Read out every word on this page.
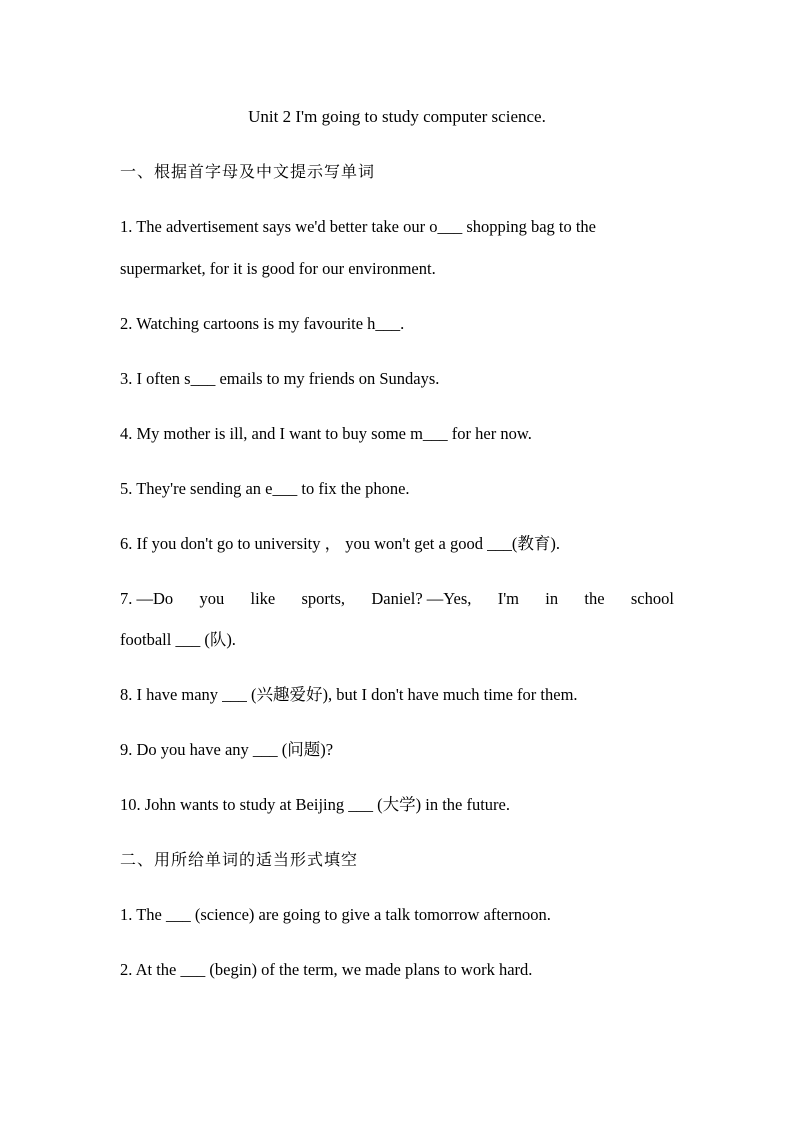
Unit 2 I'm going to study computer science.
一、根据首字母及中文提示写单词
1. The advertisement says we'd better take our o___ shopping bag to the
supermarket, for it is good for our environment.
2. Watching cartoons is my favourite h___.
3. I often s___ emails to my friends on Sundays.
4. My mother is ill, and I want to buy some m___ for her now.
5. They're sending an e___ to fix the phone.
6. If you don't go to university ， you won't get a good ___(教育).
7. —Do you like sports, Daniel? —Yes, I'm in the school
football ___ (队).
8. I have many ___ (兴趣爱好), but I don't have much time for them.
9. Do you have any ___ (问题)?
10. John wants to study at Beijing ___ (大学) in the future.
二、用所给单词的适当形式填空
1. The ___ (science) are going to give a talk tomorrow afternoon.
2. At the ___ (begin) of the term, we made plans to work hard.
